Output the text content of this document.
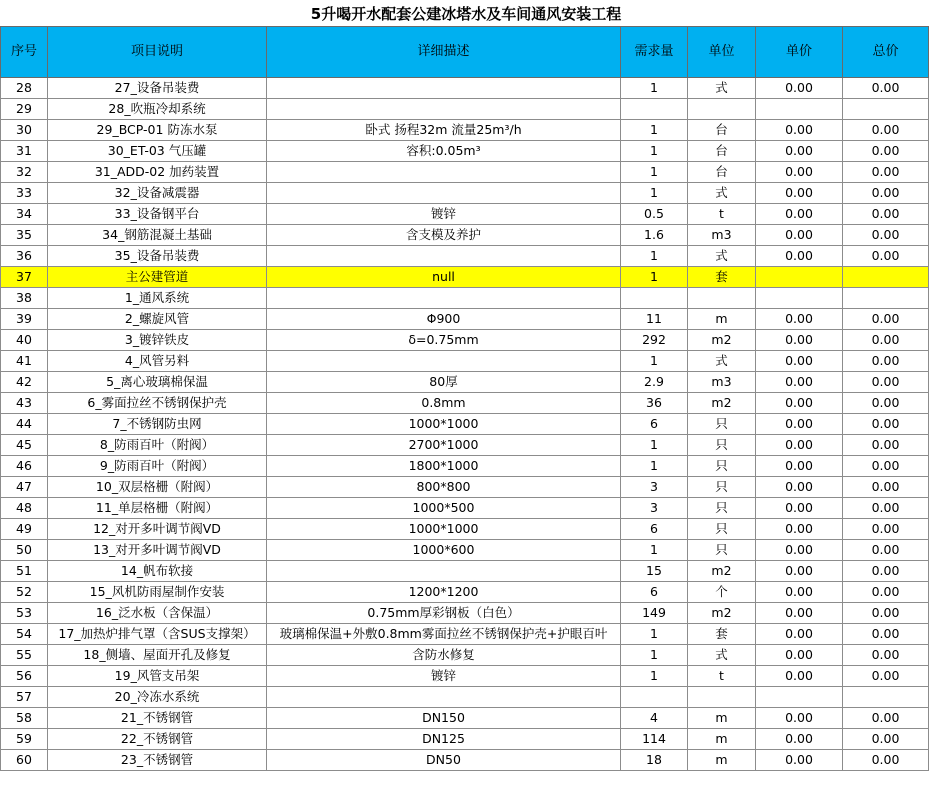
5升喝开水配套公建冰塔水及车间通风安装工程
序号	项目说明	详细描述	需求量	单位	单价	总价
28	27_设备吊装费		1	式	0.00	0.00
29	28_吹瓶冷却系统					
30	29_BCP-01 防冻水泵	卧式 扬程32m 流量25m³/h	1	台	0.00	0.00
31	30_ET-03 气压罐	容积:0.05m³	1	台	0.00	0.00
32	31_ADD-02 加药装置		1	台	0.00	0.00
33	32_设备减震器		1	式	0.00	0.00
34	33_设备钢平台	镀锌	0.5	t	0.00	0.00
35	34_钢筋混凝土基础	含支模及养护	1.6	m3	0.00	0.00
36	35_设备吊装费		1	式	0.00	0.00
37	主公建管道	null	1	套		
38	1_通风系统					
39	2_螺旋风管	Φ900	11	m	0.00	0.00
40	3_镀锌铁皮	δ=0.75mm	292	m2	0.00	0.00
41	4_风管另料		1	式	0.00	0.00
42	5_离心玻璃棉保温	80厚	2.9	m3	0.00	0.00
43	6_雾面拉丝不锈钢保护壳	0.8mm	36	m2	0.00	0.00
44	7_不锈钢防虫网	1000*1000	6	只	0.00	0.00
45	8_防雨百叶（附阀）	2700*1000	1	只	0.00	0.00
46	9_防雨百叶（附阀）	1800*1000	1	只	0.00	0.00
47	10_双层格栅（附阀）	800*800	3	只	0.00	0.00
48	11_单层格栅（附阀）	1000*500	3	只	0.00	0.00
49	12_对开多叶调节阀VD	1000*1000	6	只	0.00	0.00
50	13_对开多叶调节阀VD	1000*600	1	只	0.00	0.00
51	14_帆布软接		15	m2	0.00	0.00
52	15_风机防雨屋制作安装	1200*1200	6	个	0.00	0.00
53	16_泛水板（含保温）	0.75mm厚彩钢板（白色）	149	m2	0.00	0.00
54	17_加热炉排气罩（含SUS支撑架）	玻璃棉保温+外敷0.8mm雾面拉丝不锈钢保护壳+护眼百叶	1	套	0.00	0.00
55	18_侧墙、屋面开孔及修复	含防水修复	1	式	0.00	0.00
56	19_风管支吊架	镀锌	1	t	0.00	0.00
57	20_冷冻水系统					
58	21_不锈钢管	DN150	4	m	0.00	0.00
59	22_不锈钢管	DN125	114	m	0.00	0.00
60	23_不锈钢管	DN50	18	m	0.00	0.00
